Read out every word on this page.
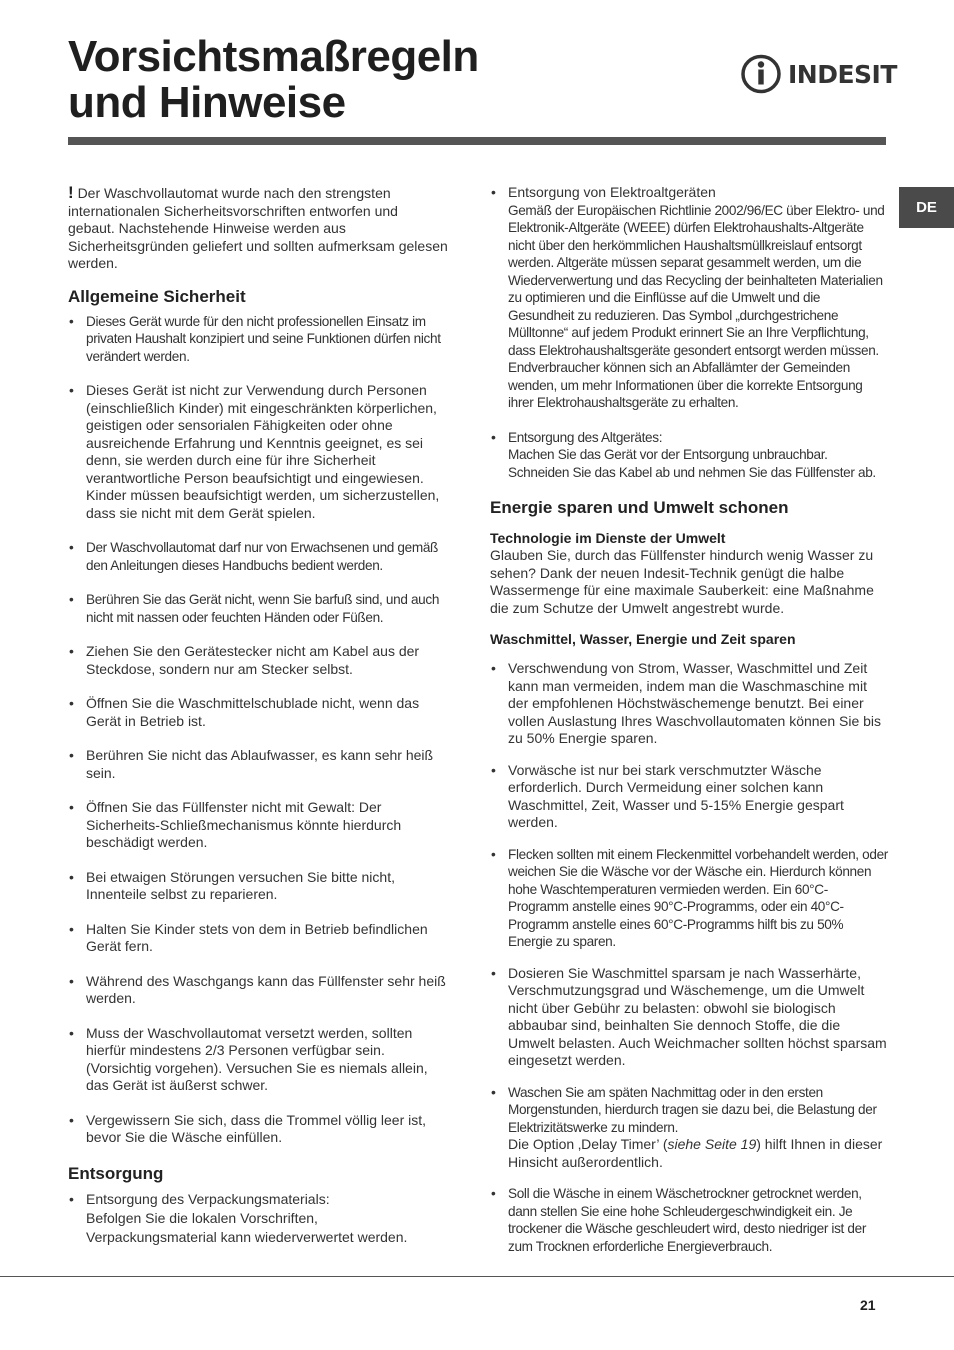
Vorsichtsmaßregeln
und Hinweise
INDESIT
DE

! Der Waschvollautomat wurde nach den strengsten internationalen Sicherheitsvorschriften entworfen und gebaut. Nachstehende Hinweise werden aus Sicherheitsgründen geliefert und sollten aufmerksam gelesen werden.

Allgemeine Sicherheit
• Dieses Gerät wurde für den nicht professionellen Einsatz im privaten Haushalt konzipiert und seine Funktionen dürfen nicht verändert werden.
• Dieses Gerät ist nicht zur Verwendung durch Personen (einschließlich Kinder) mit eingeschränkten körperlichen, geistigen oder sensorialen Fähigkeiten oder ohne ausreichende Erfahrung und Kenntnis geeignet, es sei denn, sie werden durch eine für ihre Sicherheit verantwortliche Person beaufsichtigt und eingewiesen. Kinder müssen beaufsichtigt werden, um sicherzustellen, dass sie nicht mit dem Gerät spielen.
• Der Waschvollautomat darf nur von Erwachsenen und gemäß den Anleitungen dieses Handbuchs bedient werden.
• Berühren Sie das Gerät nicht, wenn Sie barfuß sind, und auch nicht mit nassen oder feuchten Händen oder Füßen.
• Ziehen Sie den Gerätestecker nicht am Kabel aus der Steckdose, sondern nur am Stecker selbst.
• Öffnen Sie die Waschmittelschublade nicht, wenn das Gerät in Betrieb ist.
• Berühren Sie nicht das Ablaufwasser, es kann sehr heiß sein.
• Öffnen Sie das Füllfenster nicht mit Gewalt: Der Sicherheits-Schließmechanismus könnte hierdurch beschädigt werden.
• Bei etwaigen Störungen versuchen Sie bitte nicht, Innenteile selbst zu reparieren.
• Halten Sie Kinder stets von dem in Betrieb befindlichen Gerät fern.
• Während des Waschgangs kann das Füllfenster sehr heiß werden.
• Muss der Waschvollautomat versetzt werden, sollten hierfür mindestens 2/3 Personen verfügbar sein. (Vorsichtig vorgehen). Versuchen Sie es niemals allein, das Gerät ist äußerst schwer.
• Vergewissern Sie sich, dass die Trommel völlig leer ist, bevor Sie die Wäsche einfüllen.
Entsorgung
• Entsorgung des Verpackungsmaterials:
Befolgen Sie die lokalen Vorschriften, Verpackungsmaterial kann wiederverwertet werden.
• Entsorgung von Elektroaltgeräten
Gemäß der Europäischen Richtlinie 2002/96/EC über Elektro- und Elektronik-Altgeräte (WEEE) dürfen Elektrohaushalts-Altgeräte nicht über den herkömmlichen Haushaltsmüllkreislauf entsorgt werden. Altgeräte müssen separat gesammelt werden, um die Wiederverwertung und das Recycling der beinhalteten Materialien zu optimieren und die Einflüsse auf die Umwelt und die Gesundheit zu reduzieren. Das Symbol „durchgestrichene Mülltonne“ auf jedem Produkt erinnert Sie an Ihre Verpflichtung, dass Elektrohaushaltsgeräte gesondert entsorgt werden müssen. Endverbraucher können sich an Abfallämter der Gemeinden wenden, um mehr Informationen über die korrekte Entsorgung ihrer Elektrohaushaltsgeräte zu erhalten.
• Entsorgung des Altgerätes:
Machen Sie das Gerät vor der Entsorgung unbrauchbar. Schneiden Sie das Kabel ab und nehmen Sie das Füllfenster ab.
Energie sparen und Umwelt schonen
Technologie im Dienste der Umwelt

Glauben Sie, durch das Füllfenster hindurch wenig Wasser zu sehen? Dank der neuen Indesit-Technik genügt die halbe Wassermenge für eine maximale Sauberkeit: eine Maßnahme die zum Schutze der Umwelt angestrebt wurde.

Waschmittel, Wasser, Energie und Zeit sparen
• Verschwendung von Strom, Wasser, Waschmittel und Zeit kann man vermeiden, indem man die Waschmaschine mit der empfohlenen Höchstwäschemenge benutzt. Bei einer vollen Auslastung Ihres Waschvollautomaten können Sie bis zu 50% Energie sparen.
• Vorwäsche ist nur bei stark verschmutzter Wäsche erforderlich. Durch Vermeidung einer solchen kann Waschmittel, Zeit, Wasser und 5-15% Energie gespart werden.
• Flecken sollten mit einem Fleckenmittel vorbehandelt werden, oder weichen Sie die Wäsche vor der Wäsche ein. Hierdurch können hohe Waschtemperaturen vermieden werden. Ein 60°C-Programm anstelle eines 90°C-Programms, oder ein 40°C-Programm anstelle eines 60°C-Programms hilft bis zu 50% Energie zu sparen.
• Dosieren Sie Waschmittel sparsam je nach Wasserhärte, Verschmutzungsgrad und Wäschemenge, um die Umwelt nicht über Gebühr zu belasten: obwohl sie biologisch abbaubar sind, beinhalten Sie dennoch Stoffe, die die Umwelt belasten. Auch Weichmacher sollten höchst sparsam eingesetzt werden.
• Waschen Sie am späten Nachmittag oder in den ersten Morgenstunden, hierdurch tragen sie dazu bei, die Belastung der Elektrizitätswerke zu mindern.
Die Option ‚Delay Timer’ (siehe Seite 19) hilft Ihnen in dieser Hinsicht außerordentlich.
• Soll die Wäsche in einem Wäschetrockner getrocknet werden, dann stellen Sie eine hohe Schleudergeschwindigkeit ein. Je trockener die Wäsche geschleudert wird, desto niedriger ist der zum Trocknen erforderliche Energieverbrauch.
21
